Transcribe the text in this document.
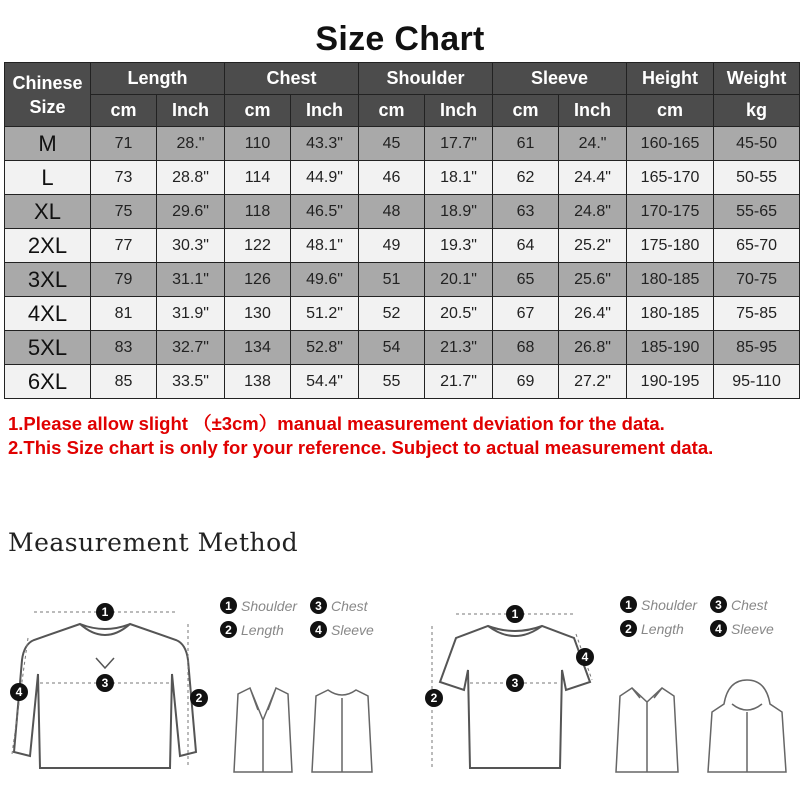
Size Chart
Chinese
Size	Length		Chest		Shoulder		Sleeve		Height	Weight
	cm	Inch	cm	Inch	cm	Inch	cm	Inch	cm	kg
M	71	28."	110	43.3"	45	17.7"	61	24."	160-165	45-50
L	73	28.8"	114	44.9"	46	18.1"	62	24.4"	165-170	50-55
XL	75	29.6"	118	46.5"	48	18.9"	63	24.8"	170-175	55-65
2XL	77	30.3"	122	48.1"	49	19.3"	64	25.2"	175-180	65-70
3XL	79	31.1"	126	49.6"	51	20.1"	65	25.6"	180-185	70-75
4XL	81	31.9"	130	51.2"	52	20.5"	67	26.4"	180-185	75-85
5XL	83	32.7"	134	52.8"	54	21.3"	68	26.8"	185-190	85-95
6XL	85	33.5"	138	54.4"	55	21.7"	69	27.2"	190-195	95-110
1.Please allow slight （±3cm）manual measurement deviation for the data.
2.This Size chart is only for your reference. Subject to actual measurement data.
Measurement Method
1
3
2
4
1 Shoulder	3 Chest
2 Length	4 Sleeve
1
3
2
4
1 Shoulder	3 Chest
2 Length	4 Sleeve
